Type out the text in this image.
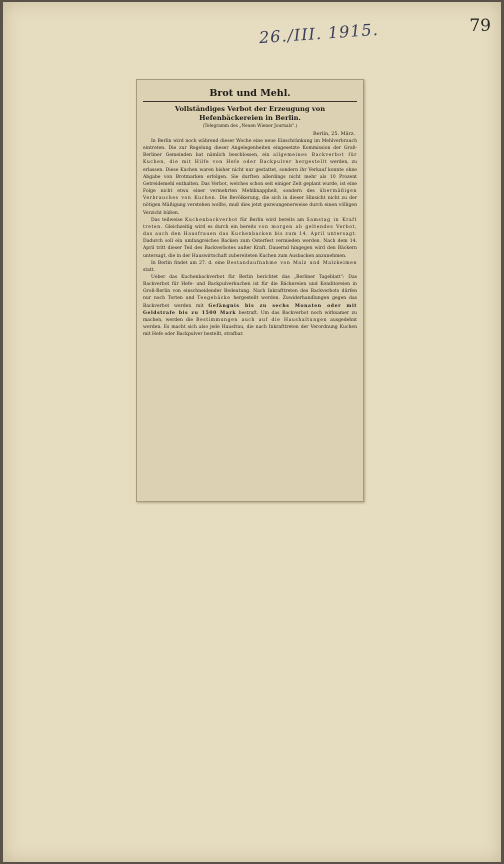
79
26./III. 1915.
Brot und Mehl.
Vollständiges Verbot der Erzeugung von Hefenbäckereien in Berlin.
(Telegramm des „Neuen Wiener Journals".)
Berlin, 25. März.

In Berlin wird noch während dieser Woche eine neue Einschränkung im Mehlverbrauch eintreten. Die zur Regelung dieser Angelegenheiten eingesetzte Kommission der Groß-Berliner Gemeinden hat nämlich beschlossen, ein allgemeines Backverbot für Kuchen, die mit Hilfe von Hefe oder Backpulver hergestellt werden, zu erlassen. Diese Kuchen waren bisher nicht nur gestattet, sondern ihr Verkauf konnte ohne Abgabe von Brotmarken erfolgen. Sie durften allerdings nicht mehr als 10 Prozent Getreidemehl enthalten. Das Verbot, welches schon seit einiger Zeit geplant wurde, ist eine Folge nicht etwa einer vermehrten Mehlknappheit, sondern des übermäßigen Verbrauches von Kuchen. Die Bevölkerung, die sich in dieser Hinsicht nicht zu der nötigen Mäßigung verstehen wollte, muß dies jetzt gezwungenerweise durch einen völligen Verzicht büßen.

Das teilweise Kuchenbackverbot für Berlin wird bereits am Samstag in Kraft treten. Gleichzeitig wird es durch ein bereits von morgen ab geltendes Verbot, das auch den Hausfrauen das Kuchenbacken bis zum 14. April untersagt. Dadurch soll ein umfangreiches Backen zum Osterfest vermieden werden. Nach dem 14. April tritt dieser Teil des Backverbotes außer Kraft. Dauernd hingegen wird den Bäckern untersagt, die in der Hauswirtschaft zubereiteten Kuchen zum Ausbacken anzunehmen.

In Berlin findet am 27. d. eine Bestandaufnahme von Malz und Malzkeimen statt.

Ueber das Kuchenbackverbot für Berlin berichtet das „Berliner Tageblatt": Das Backverbot für Hefe- und Backpulverkuchen ist für die Bäckereien und Konditoreien in Groß-Berlin von einschneidender Bedeutung. Nach Inkrafttreten des Backverbots dürfen nur noch Torten und Teegebäcke hergestellt werden. Zuwiderhandlungen gegen das Backverbot werden mit Gefängnis bis zu sechs Monaten oder mit Geldstrafe bis zu 1500 Mark bestraft. Um das Backverbot noch wirksamer zu machen, werden die Bestimmungen auch auf die Haushaltungen ausgedehnt werden. Es macht sich also jede Hausfrau, die nach Inkrafttreten der Verordnung Kuchen mit Hefe oder Backpulver bestellt, strafbar.
